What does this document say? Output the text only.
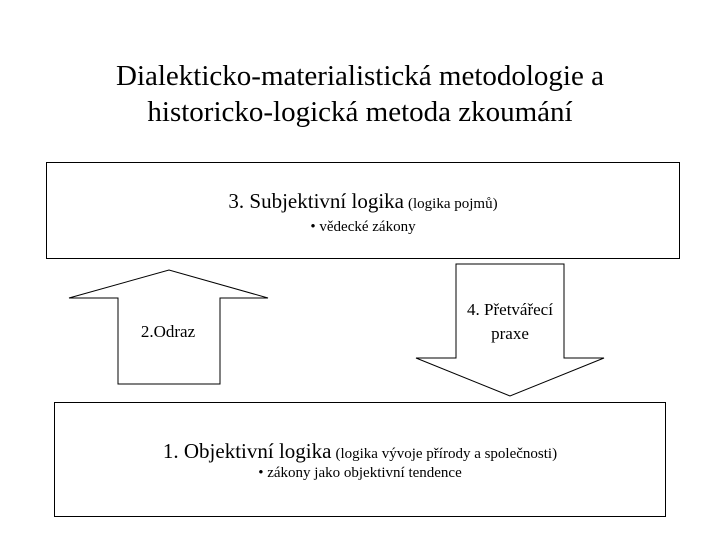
Dialekticko-materialistická metodologie a
historicko-logická metoda zkoumání
3. Subjektivní logika (logika pojmů)
• vědecké zákony
2.Odraz
4. Přetvářecí
praxe
1. Objektivní logika (logika vývoje přírody a společnosti)
• zákony jako objektivní tendence
